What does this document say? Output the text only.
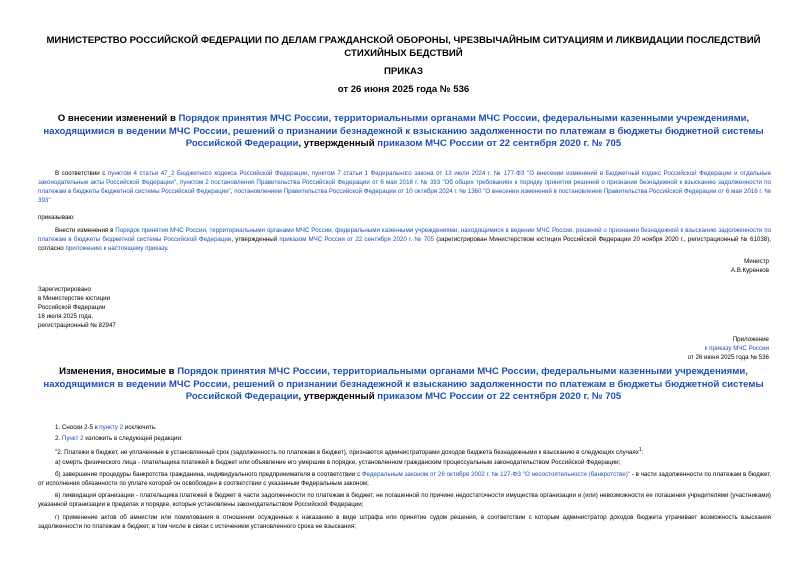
МИНИСТЕРСТВО РОССИЙСКОЙ ФЕДЕРАЦИИ ПО ДЕЛАМ ГРАЖДАНСКОЙ ОБОРОНЫ, ЧРЕЗВЫЧАЙНЫМ СИТУАЦИЯМ И ЛИКВИДАЦИИ ПОСЛЕДСТВИЙ СТИХИЙНЫХ БЕДСТВИЙ

ПРИКАЗ

от 26 июня 2025 года № 536

О внесении изменений в Порядок принятия МЧС России, территориальными органами МЧС России, федеральными казенными учреждениями, находящимися в ведении МЧС России, решений о признании безнадежной к взысканию задолженности по платежам в бюджеты бюджетной системы Российской Федерации, утвержденный приказом МЧС России от 22 сентября 2020 г. № 705

В соответствии с пунктом 4 статьи 47_2 Бюджетного кодекса Российской Федерации, пунктом 7 статьи 1 Федерального закона от 13 июля 2024 г. № 177-ФЗ "О внесении изменений в Бюджетный кодекс Российской Федерации и отдельные законодательные акты Российской Федерации", пунктом 2 постановления Правительства Российской Федерации от 6 мая 2016 г. № 393 "Об общих требованиях к порядку принятия решений о признании безнадежной к взысканию задолженности по платежам в бюджеты бюджетной системы Российской Федерации", постановлением Правительства Российской Федерации от 10 октября 2024 г. № 1360 "О внесении изменений в постановление Правительства Российской Федерации от 6 мая 2016 г. № 393"

приказываю:

Внести изменения в Порядок принятия МЧС России, территориальными органами МЧС России, федеральными казенными учреждениями, находящимися в ведении МЧС России, решений о признании безнадежной к взысканию задолженности по платежам в бюджеты бюджетной системы Российской Федерации, утвержденный приказом МЧС России от 22 сентября 2020 г. № 705 (зарегистрирован Министерством юстиции Российской Федерации 20 ноября 2020 г., регистрационный № 61038), согласно приложению к настоящему приказу.

Министр
А.В.Куренков
Зарегистрировано
в Министерстве юстиции
Российской Федерации
16 июля 2025 года,
регистрационный № 82947
Приложение
к приказу МЧС России
от 26 июня 2025 года № 536

Изменения, вносимые в Порядок принятия МЧС России, территориальными органами МЧС России, федеральными казенными учреждениями, находящимися в ведении МЧС России, решений о признании безнадежной к взысканию задолженности по платежам в бюджеты бюджетной системы Российской Федерации, утвержденный приказом МЧС России от 22 сентября 2020 г. № 705

1. Сноски 2-5 к пункту 2 исключить.

2. Пункт 2 изложить в следующей редакции:

"2. Платежи в бюджет, не уплаченные в установленный срок (задолженность по платежам в бюджет), признаются администраторами доходов бюджета безнадежными к взысканию в следующих случаях$^1$:

а) смерть физического лица - плательщика платежей в бюджет или объявление его умершим в порядке, установленном гражданским процессуальным законодательством Российской Федерации;

б) завершение процедуры банкротства гражданина, индивидуального предпринимателя в соответствии с Федеральным законом от 26 октября 2002 г. № 127-ФЗ "О несостоятельности (банкротстве)" - в части задолженности по платежам в бюджет, от исполнения обязанности по уплате которой он освобожден в соответствии с указанным Федеральным законом;

в) ликвидация организации - плательщика платежей в бюджет в части задолженности по платежам в бюджет, не погашенной по причине недостаточности имущества организации и (или) невозможности ее погашения учредителями (участниками) указанной организации в пределах и порядке, которые установлены законодательством Российской Федерации;

г) применение актов об амнистии или помилования в отношении осужденных к наказанию в виде штрафа или принятие судом решения, в соответствии с которым администратор доходов бюджета утрачивает возможность взыскания задолженности по платежам в бюджет, в том числе в связи с истечением установленного срока ее взыскания;
